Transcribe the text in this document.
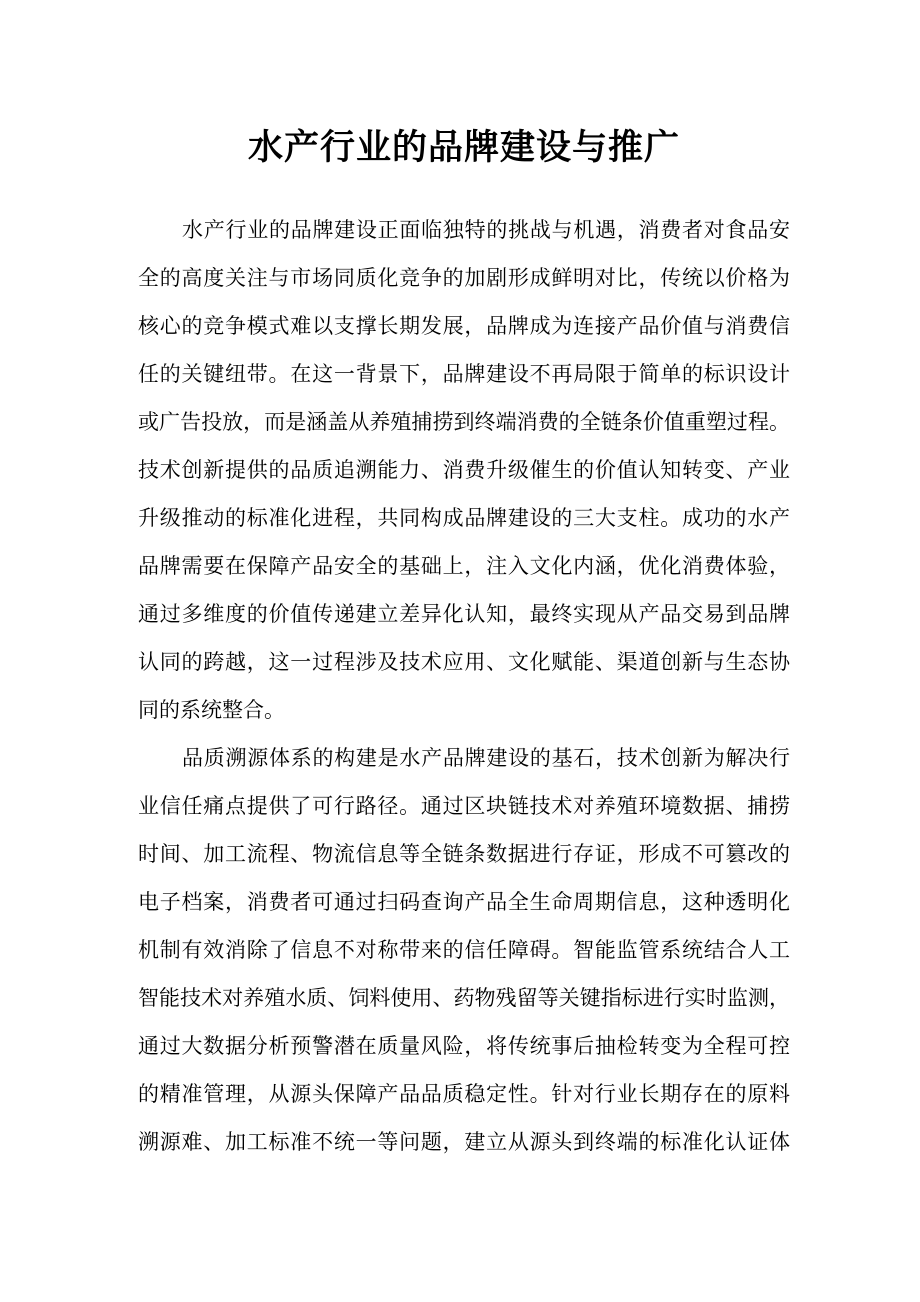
水产行业的品牌建设与推广
水产行业的品牌建设正面临独特的挑战与机遇，消费者对食品安
全的高度关注与市场同质化竞争的加剧形成鲜明对比，传统以价格为
核心的竞争模式难以支撑长期发展，品牌成为连接产品价值与消费信
任的关键纽带。在这一背景下，品牌建设不再局限于简单的标识设计
或广告投放，而是涵盖从养殖捕捞到终端消费的全链条价值重塑过程。
技术创新提供的品质追溯能力、消费升级催生的价值认知转变、产业
升级推动的标准化进程，共同构成品牌建设的三大支柱。成功的水产
品牌需要在保障产品安全的基础上，注入文化内涵，优化消费体验，
通过多维度的价值传递建立差异化认知，最终实现从产品交易到品牌
认同的跨越，这一过程涉及技术应用、文化赋能、渠道创新与生态协
同的系统整合。
品质溯源体系的构建是水产品牌建设的基石，技术创新为解决行
业信任痛点提供了可行路径。通过区块链技术对养殖环境数据、捕捞
时间、加工流程、物流信息等全链条数据进行存证，形成不可篡改的
电子档案，消费者可通过扫码查询产品全生命周期信息，这种透明化
机制有效消除了信息不对称带来的信任障碍。智能监管系统结合人工
智能技术对养殖水质、饲料使用、药物残留等关键指标进行实时监测，
通过大数据分析预警潜在质量风险，将传统事后抽检转变为全程可控
的精准管理，从源头保障产品品质稳定性。针对行业长期存在的原料
溯源难、加工标准不统一等问题，建立从源头到终端的标准化认证体
